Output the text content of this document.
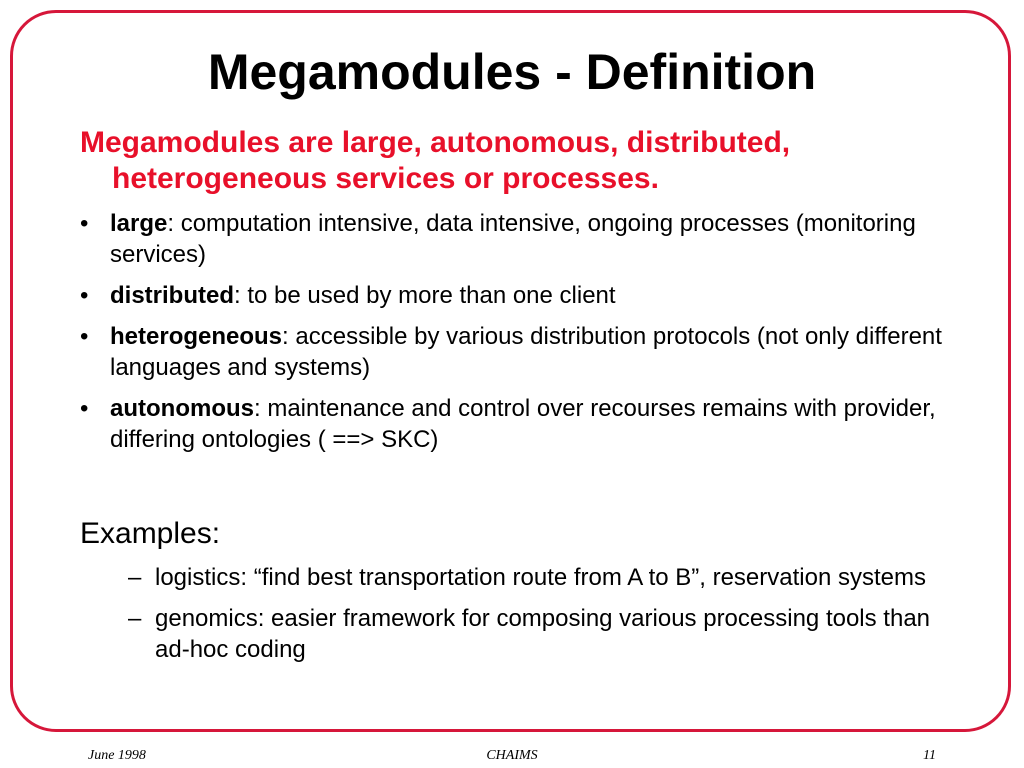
Megamodules - Definition

Megamodules are large, autonomous, distributed, heterogeneous services or processes.

• large: computation intensive, data intensive, ongoing processes (monitoring services)
• distributed: to be used by more than one client
• heterogeneous: accessible by various distribution protocols (not only different languages and systems)
• autonomous: maintenance and control over recourses remains with provider, differing ontologies ( ==> SKC)

Examples:

– logistics: “find best transportation route from A to B”, reservation systems
– genomics: easier framework for composing various processing tools than ad-hoc coding
June 1998	CHAIMS	11
